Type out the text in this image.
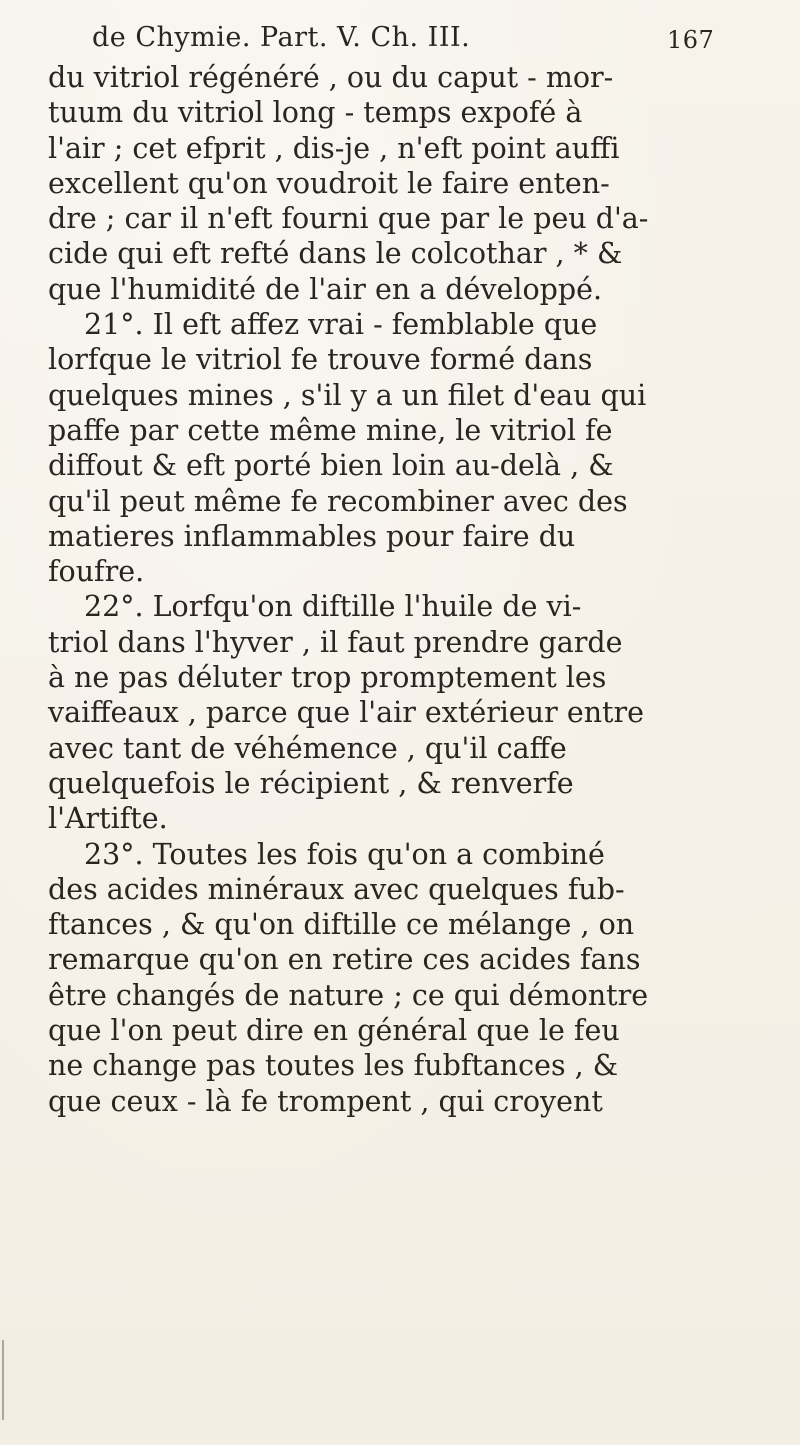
de Chymie. Part. V. Ch. III.	167
du vitriol régénéré , ou du caput - mor-
tuum du vitriol long - temps expofé à
l'air ; cet efprit , dis-je , n'eft point auffi
excellent qu'on voudroit le faire enten-
dre ; car il n'eft fourni que par le peu d'a-
cide qui eft refté dans le colcothar , * &
que l'humidité de l'air en a développé.
21°. Il eft affez vrai - femblable que
lorfque le vitriol fe trouve formé dans
quelques mines , s'il y a un filet d'eau qui
paffe par cette même mine, le vitriol fe
diffout & eft porté bien loin au-delà , &
qu'il peut même fe recombiner avec des
matieres inflammables pour faire du
foufre.
22°. Lorfqu'on diftille l'huile de vi-
triol dans l'hyver , il faut prendre garde
à ne pas déluter trop promptement les
vaiffeaux , parce que l'air extérieur entre
avec tant de véhémence , qu'il caffe
quelquefois le récipient , & renverfe
l'Artifte.
23°. Toutes les fois qu'on a combiné
des acides minéraux avec quelques fub-
ftances , & qu'on diftille ce mélange , on
remarque qu'on en retire ces acides fans
être changés de nature ; ce qui démontre
que l'on peut dire en général que le feu
ne change pas toutes les fubftances , &
que ceux - là fe trompent , qui croyent
